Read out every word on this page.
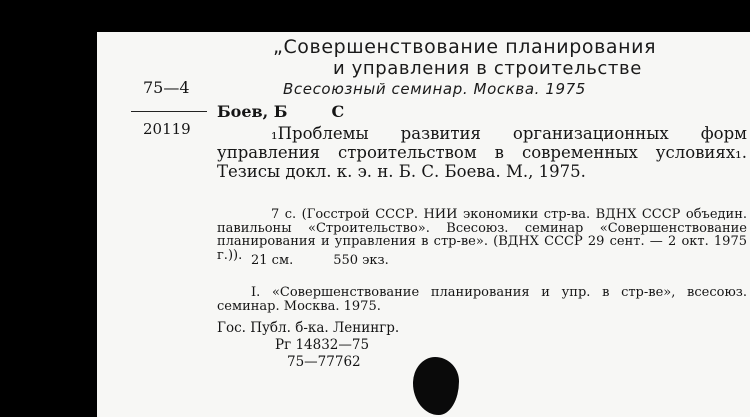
„Совершенствование планирования
и управления в строительстве
Всесоюзный семинар. Москва. 1975
75—4
20119
Боев, Б	С

₁Проблемы развития организационных форм управления строительством в современных условиях₁. Тезисы докл. к. э. н. Б. С. Боева. М., 1975.

7 с. (Госстрой СССР. НИИ экономики стр-ва. ВДНХ СССР объедин. павильоны «Строительство». Всесоюз. семинар «Совершенствование планирования и управления в стр-ве». (ВДНХ СССР 29 сент. — 2 окт. 1975 г.)). 21 см.	550 экз.

I. «Совершенствование планирования и упр. в стр-ве», всесоюз. семинар. Москва. 1975.

Гос. Публ. б-ка. Ленингр.
Рг 14832—75
75—77762
